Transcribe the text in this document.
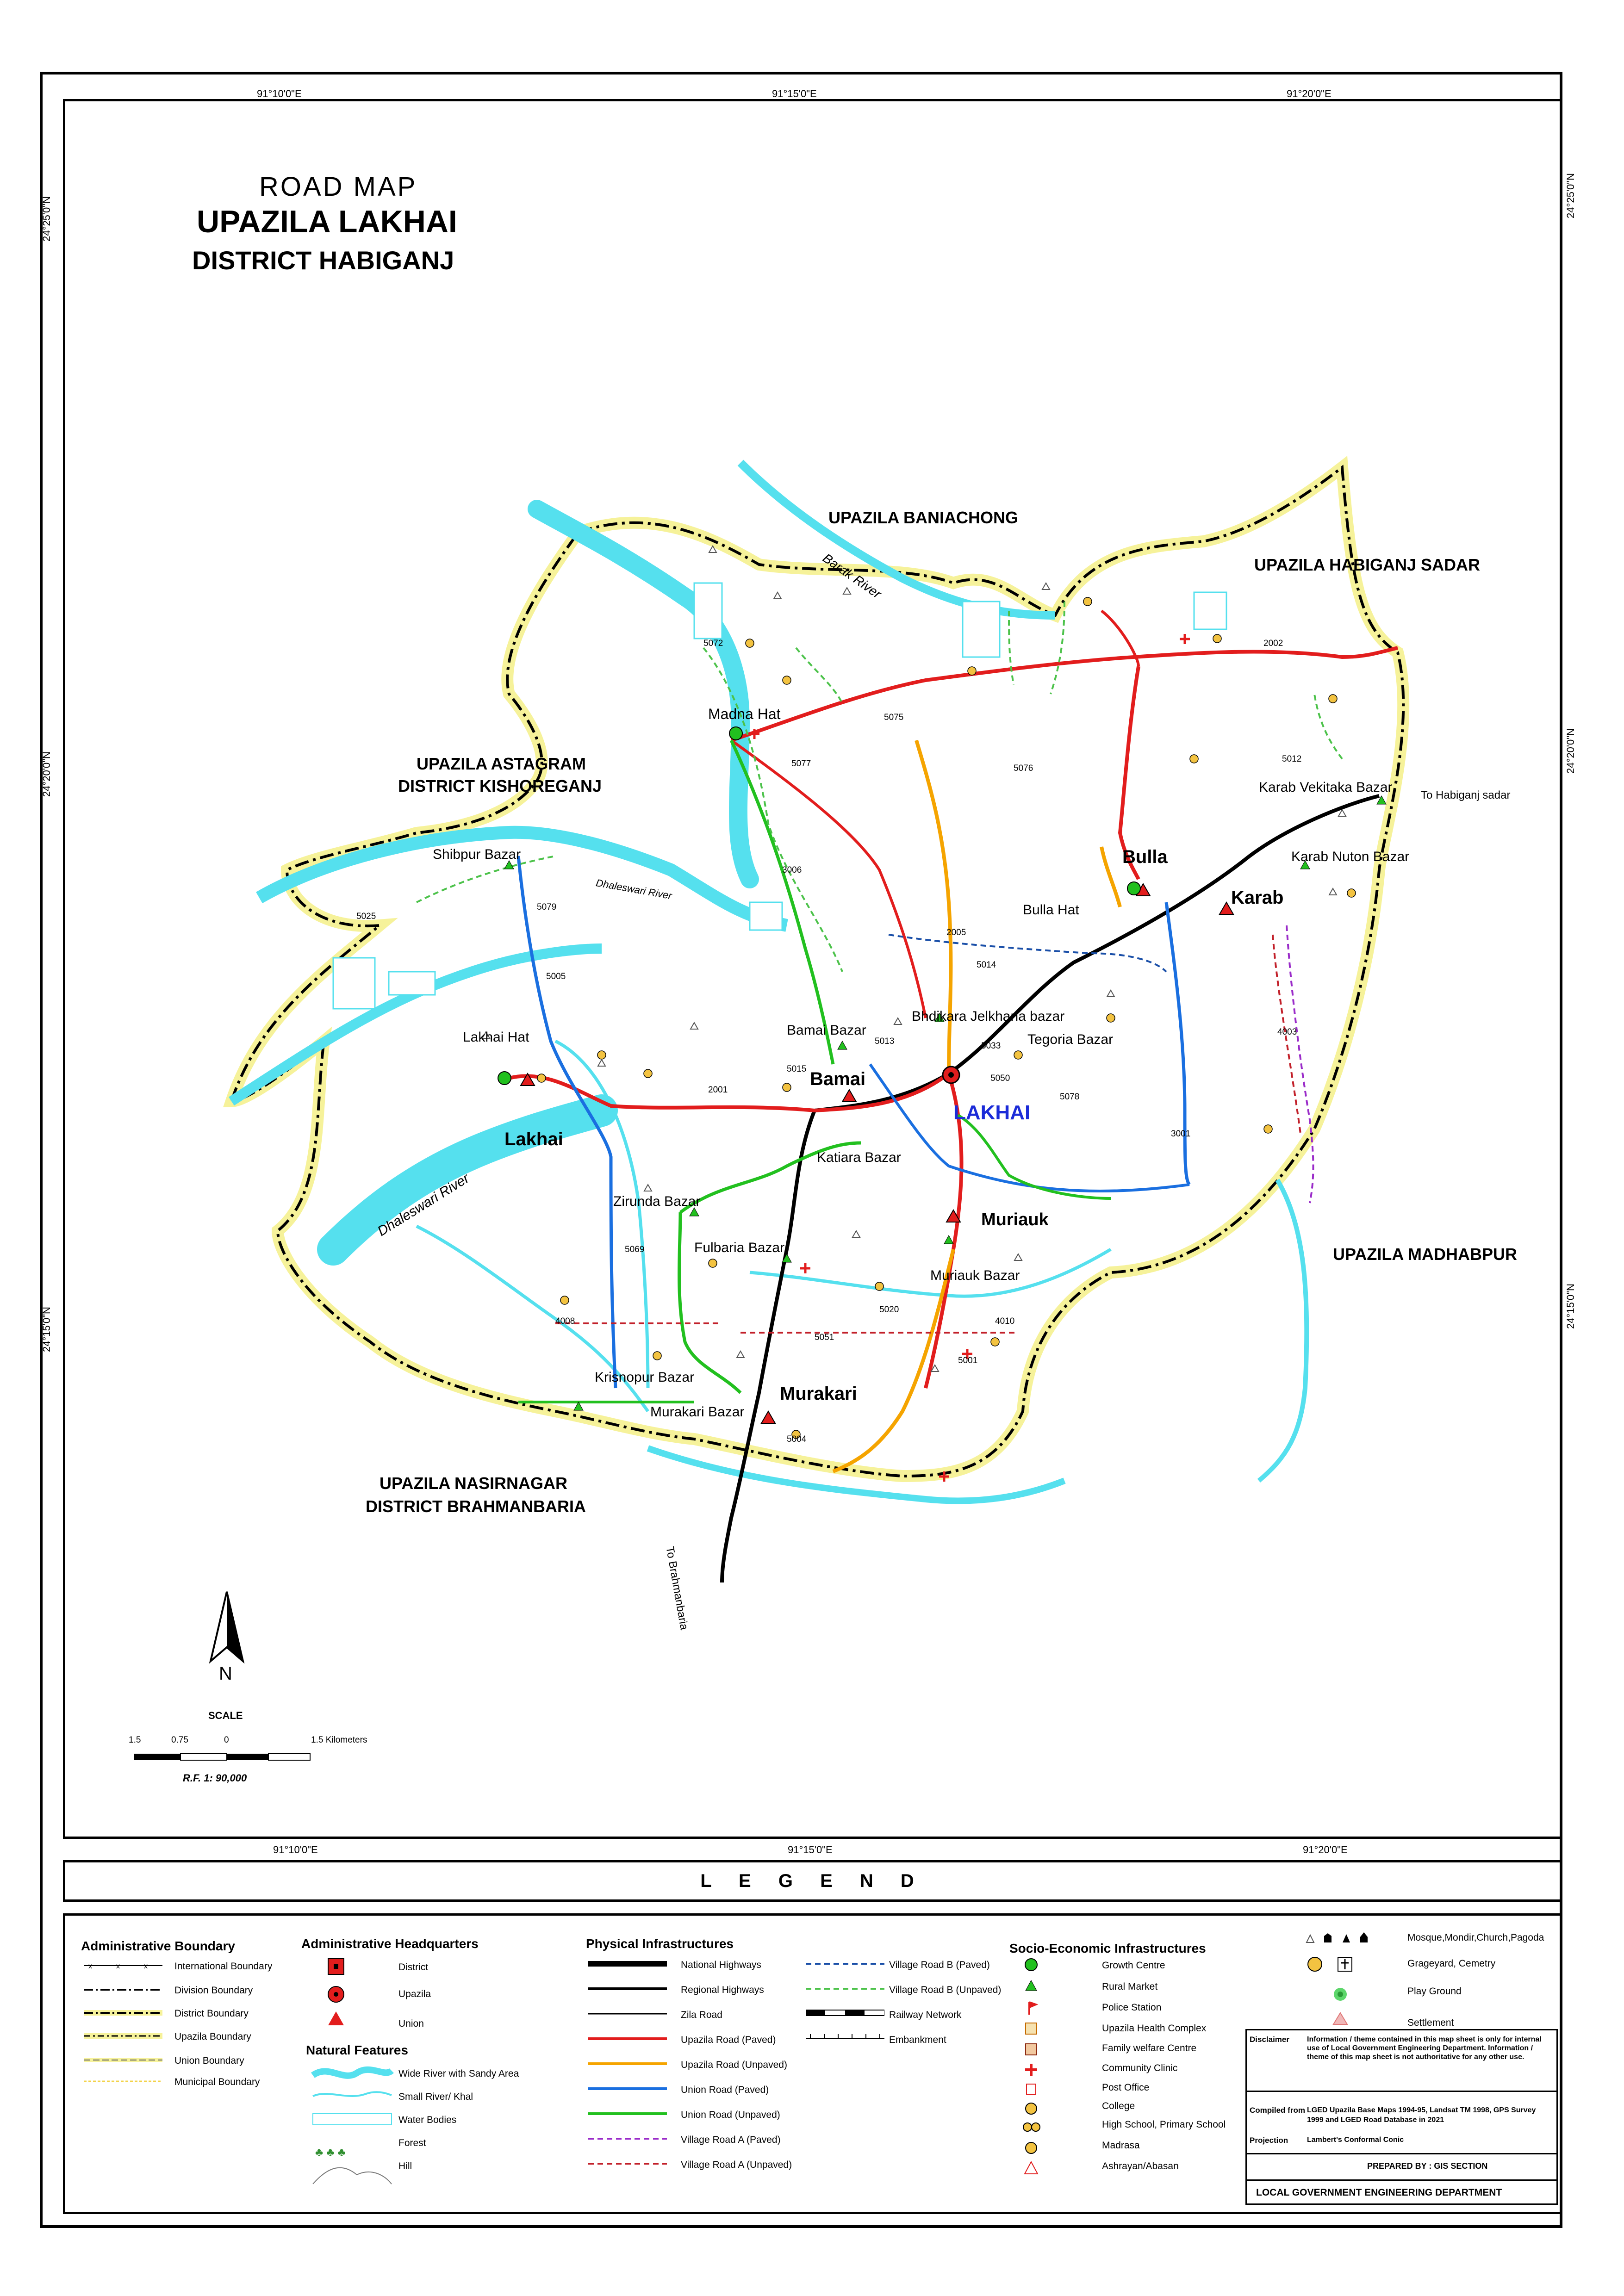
91°10'0"E	91°15'0"E	91°20'0"E
91°10'0"E	91°15'0"E	91°20'0"E
24°25'0"N
24°20'0"N
24°15'0"N
24°25'0"N
24°20'0"N
24°15'0"N
ROAD MAP
UPAZILA LAKHAI
DISTRICT HABIGANJ
UPAZILA BANIACHONG
UPAZILA HABIGANJ SADAR
UPAZILA ASTAGRAM
DISTRICT KISHOREGANJ
UPAZILA MADHABPUR
UPAZILA NASIRNAGAR
DISTRICT BRAHMANBARIA
Madna Hat
Shibpur Bazar
Lakhai Hat
Lakhai
Bamai Bazar
Bamai
Bhdikara Jelkhana bazar
Tegoria Bazar
LAKHAI
Katiara Bazar
Zirunda Bazar
Fulbaria Bazar
Muriauk
Muriauk Bazar
Krisnopur Bazar
Murakari Bazar
Murakari
Bulla
Bulla Hat
Karab
Karab Vekitaka Bazar
Karab Nuton Bazar
To Habiganj sadar
To Brahmanbaria
Barak River
Dhaleswari River
Dhaleswari River
2002
2001
2005
3006
3001
4003
4008	4010
5001
5004
5005
5012
5013
5014
5015
5020
5025
5033
5050
5051
5069
5072
5075
5076
5077
5078
5079
N
SCALE
1.5	0.75	0	1.5 Kilometers
R.F. 1: 90,000
L E G E N D
Administrative Boundary
x	x	x	International Boundary
Division Boundary
District Boundary
Upazila Boundary
Union Boundary
Municipal Boundary
Administrative Headquarters
District
Upazila
Union
Natural Features
♣ ♣ ♣
Wide River with Sandy Area
Small River/ Khal
Water Bodies
Forest
Hill
Physical Infrastructures
National Highways
Regional Highways
Zila Road
Upazila Road (Paved)
Upazila Road (Unpaved)
Union Road (Paved)
Union Road (Unpaved)
Village Road A (Paved)
Village Road A (Unpaved)
Village Road B (Paved)
Village Road B (Unpaved)
Railway Network
Embankment
Socio-Economic Infrastructures
Growth Centre
Rural Market
Police Station
Upazila Health Complex
Family welfare Centre
Community Clinic
Post Office
College
High School, Primary School
Madrasa
Ashrayan/Abasan
Mosque,Mondir,Church,Pagoda
Grageyard, Cemetry
Play Ground
Settlement
Disclaimer Information / theme contained in this map sheet is only for internal use of Local Government Engineering Department. Information / theme of this map sheet is not authoritative for any other use.
Compiled from LGED Upazila Base Maps 1994-95, Landsat TM 1998, GPS Survey 1999 and LGED Road Database in 2021
Projection	Lambert's Conformal Conic
PREPARED BY : GIS SECTION
LOCAL GOVERNMENT ENGINEERING DEPARTMENT
